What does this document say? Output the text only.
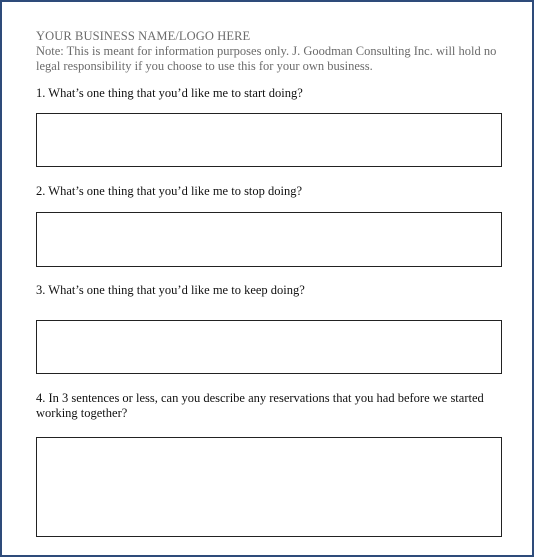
YOUR BUSINESS NAME/LOGO HERE
Note: This is meant for information purposes only. J. Goodman Consulting Inc. will hold no legal responsibility if you choose to use this for your own business.
1. What’s one thing that you’d like me to start doing?
2. What’s one thing that you’d like me to stop doing?
3. What’s one thing that you’d like me to keep doing?
4. In 3 sentences or less, can you describe any reservations that you had before we started working together?
